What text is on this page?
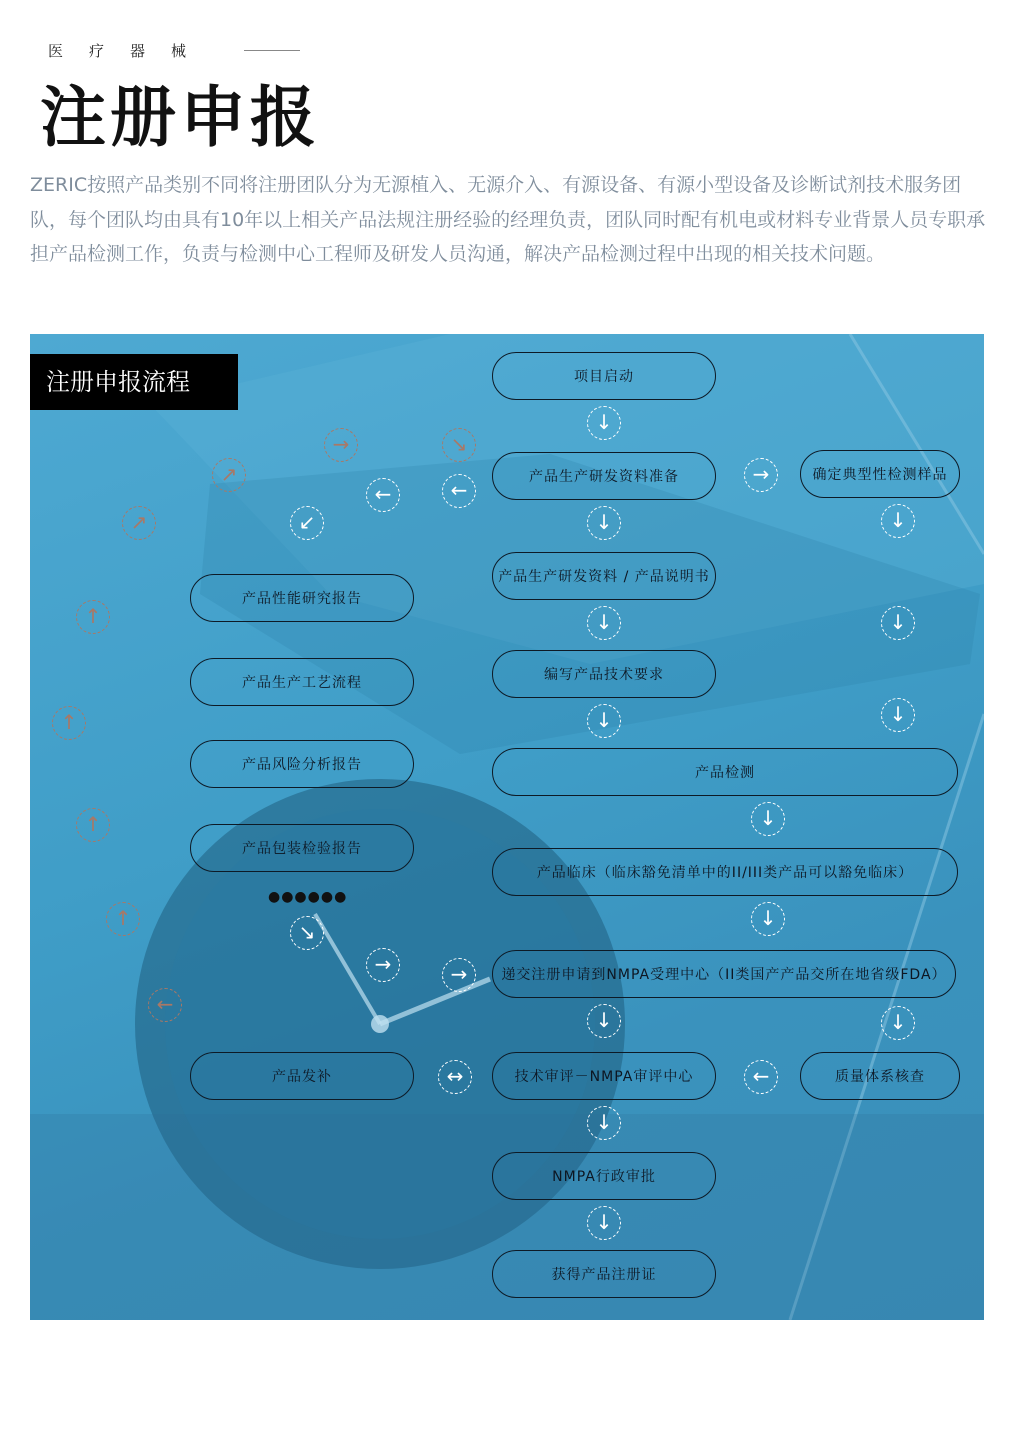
医疗器械
注册申报

ZERIC按照产品类别不同将注册团队分为无源植入、无源介入、有源设备、有源小型设备及诊断试剂技术服务团队，每个团队均由具有10年以上相关产品法规注册经验的经理负责，团队同时配有机电或材料专业背景人员专职承担产品检测工作，负责与检测中心工程师及研发人员沟通，解决产品检测过程中出现的相关技术问题。

注册申报流程	项目启动
产品生产研发资料准备	确定典型性检测样品
产品生产研发资料 / 产品说明书
编写产品技术要求
产品检测
产品临床（临床豁免清单中的II/III类产品可以豁免临床）
递交注册申请到NMPA受理中心（II类国产产品交所在地省级FDA）
技术审评－NMPA审评中心	质量体系核查
NMPA行政审批
获得产品注册证
产品性能研究报告
产品生产工艺流程
产品风险分析报告
产品包装检验报告
产品发补
●●●●●●
↓
↓
↓
↓
↓
↓
↓
↓
↓
↓
↓
↓
↓
→
←
←
←
↙
↘
→	→
↔
→	↘
↗
↗
↑
↑
↑
↑
←
